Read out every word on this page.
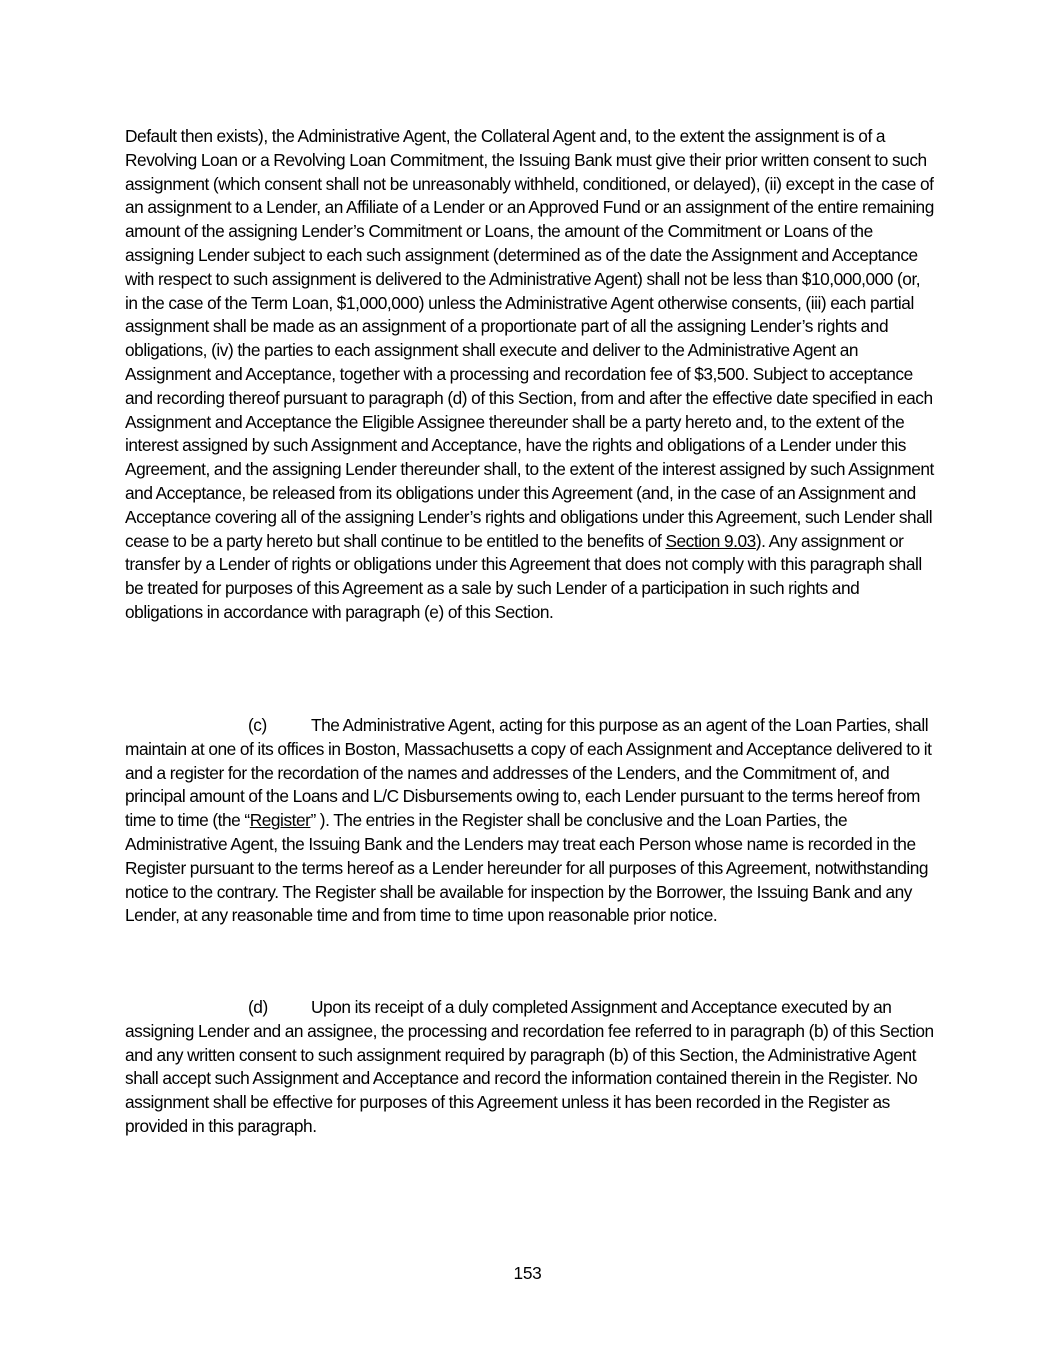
Default then exists), the Administrative Agent, the Collateral Agent and, to the extent the assignment is of a Revolving Loan or a Revolving Loan Commitment, the Issuing Bank must give their prior written consent to such assignment (which consent shall not be unreasonably withheld, conditioned, or delayed), (ii) except in the case of an assignment to a Lender, an Affiliate of a Lender or an Approved Fund or an assignment of the entire remaining amount of the assigning Lender’s Commitment or Loans, the amount of the Commitment or Loans of the assigning Lender subject to each such assignment (determined as of the date the Assignment and Acceptance with respect to such assignment is delivered to the Administrative Agent) shall not be less than $10,000,000 (or, in the case of the Term Loan, $1,000,000) unless the Administrative Agent otherwise consents, (iii) each partial assignment shall be made as an assignment of a proportionate part of all the assigning Lender’s rights and obligations, (iv) the parties to each assignment shall execute and deliver to the Administrative Agent an Assignment and Acceptance, together with a processing and recordation fee of $3,500. Subject to acceptance and recording thereof pursuant to paragraph (d) of this Section, from and after the effective date specified in each Assignment and Acceptance the Eligible Assignee thereunder shall be a party hereto and, to the extent of the interest assigned by such Assignment and Acceptance, have the rights and obligations of a Lender under this Agreement, and the assigning Lender thereunder shall, to the extent of the interest assigned by such Assignment and Acceptance, be released from its obligations under this Agreement (and, in the case of an Assignment and Acceptance covering all of the assigning Lender’s rights and obligations under this Agreement, such Lender shall cease to be a party hereto but shall continue to be entitled to the benefits of Section 9.03). Any assignment or transfer by a Lender of rights or obligations under this Agreement that does not comply with this paragraph shall be treated for purposes of this Agreement as a sale by such Lender of a participation in such rights and obligations in accordance with paragraph (e) of this Section.
(c)	The Administrative Agent, acting for this purpose as an agent of the Loan Parties, shall maintain at one of its offices in Boston, Massachusetts a copy of each Assignment and Acceptance delivered to it and a register for the recordation of the names and addresses of the Lenders, and the Commitment of, and principal amount of the Loans and L/C Disbursements owing to, each Lender pursuant to the terms hereof from time to time (the “Register” ). The entries in the Register shall be conclusive and the Loan Parties, the Administrative Agent, the Issuing Bank and the Lenders may treat each Person whose name is recorded in the Register pursuant to the terms hereof as a Lender hereunder for all purposes of this Agreement, notwithstanding notice to the contrary. The Register shall be available for inspection by the Borrower, the Issuing Bank and any Lender, at any reasonable time and from time to time upon reasonable prior notice.
(d) Upon its receipt of a duly completed Assignment and Acceptance executed by an assigning Lender and an assignee, the processing and recordation fee referred to in paragraph (b) of this Section and any written consent to such assignment required by paragraph (b) of this Section, the Administrative Agent shall accept such Assignment and Acceptance and record the information contained therein in the Register. No assignment shall be effective for purposes of this Agreement unless it has been recorded in the Register as provided in this paragraph.
153
